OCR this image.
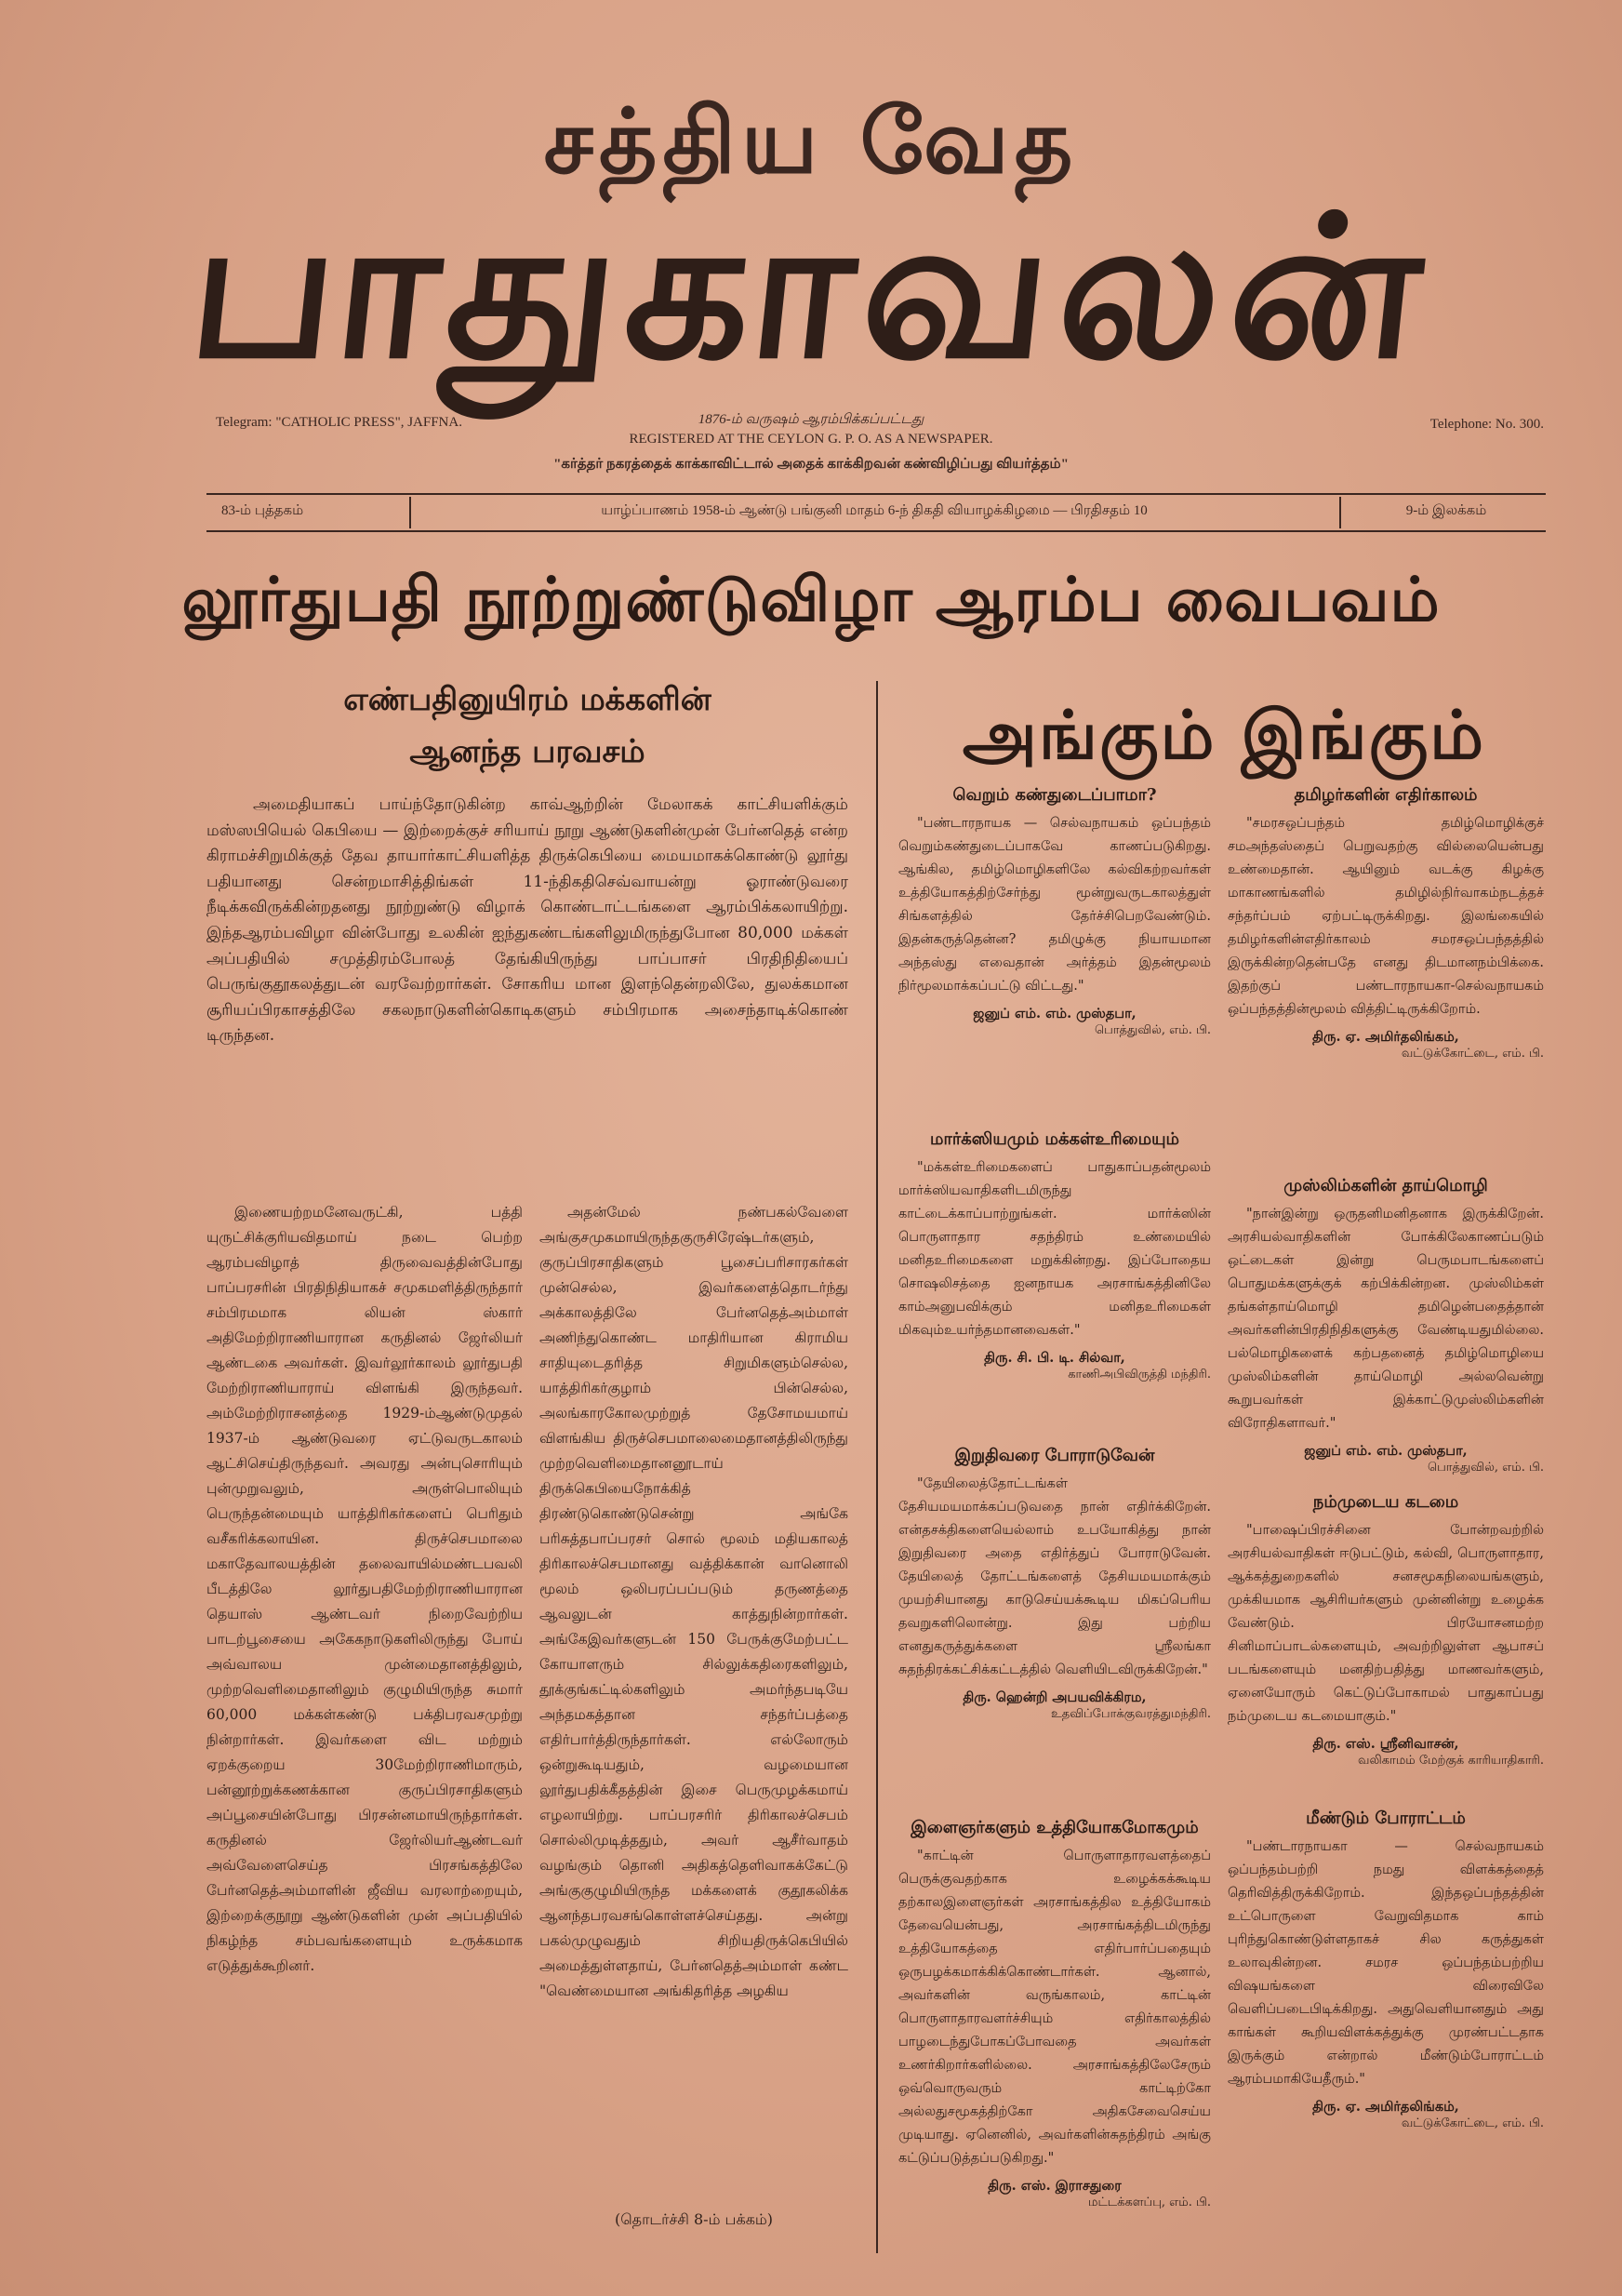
சத்திய வேத
பாதுகாவலன்
Telegram: "CATHOLIC PRESS", JAFFNA.	1876-ம் வருஷம் ஆரம்பிக்கப்பட்டது
REGISTERED AT THE CEYLON G. P. O. AS A NEWSPAPER.
Telephone: No. 300.
"கர்த்தர் நகரத்தைக் காக்காவிட்டால் அதைக் காக்கிறவன் கண்விழிப்பது வியர்த்தம்"
83-ம் புத்தகம்	யாழ்ப்பாணம் 1958-ம் ஆண்டு பங்குனி மாதம் 6-ந் திகதி வியாழக்கிழமை — பிரதிசதம் 10	9-ம் இலக்கம்
லூர்துபதி நூற்றுண்டுவிழா ஆரம்ப வைபவம்
எண்பதினுயிரம் மக்களின்
ஆனந்த பரவசம்
அமைதியாகப் பாய்ந்தோடுகின்ற காவ்ஆற்றின் மேலாகக் காட்சியளிக்கும் மஸ்ஸபியெல் கெபியை — இற்றைக்குச் சரியாய் நூறு ஆண்டுகளின்முன் பேர்னதெத் என்ற கிராமச்சிறுமிக்குத் தேவ தாயார்காட்சியளித்த திருக்கெபியை மையமாகக்கொண்டு லூர்து பதியானது சென்றமாசித்திங்கள் 11-ந்திகதிசெவ்வாயன்று ஓராண்டுவரை நீடிக்கவிருக்கின்றதனது நூற்றுண்டு விழாக் கொண்டாட்டங்களை ஆரம்பிக்கலாயிற்று. இந்தஆரம்பவிழா வின்போது உலகின் ஐந்துகண்டங்களிலுமிருந்துபோன 80,000 மக்கள் அப்பதியில் சமுத்திரம்போலத் தேங்கியிருந்து பாப்பாசர் பிரதிநிதியைப் பெருங்குதூகலத்துடன் வரவேற்றார்கள். சோகரிய மான இளந்தென்றலிலே, துலக்கமான சூரியப்பிரகாசத்திலே சகலநாடுகளின்கொடிகளும் சம்பிரமாக அசைந்தாடிக்கொண் டிருந்தன.
இணையற்றமனேவருட்கி, பத்தி யுருட்சிக்குரியவிதமாய் நடை பெற்ற ஆரம்பவிழாத் திருவைவத்தின்போது பாப்பரசரின் பிரதிநிதியாகச் சமுகமளித்திருந்தார் சம்பிரமமாக லியன் ஸ்கார் அதிமேற்றிராணியாரான கருதினல் ஜேர்லியர் ஆண்டகை அவர்கள். இவர்லூர்காலம் லூர்துபதி மேற்றிராணியாராய் விளங்கி இருந்தவர். அம்மேற்றிராசனத்தை 1929-ம்ஆண்டுமுதல் 1937-ம் ஆண்டுவரை ஏட்டுவருடகாலம் ஆட்சிசெய்திருந்தவர். அவரது அன்புசொரியும் புன்முறுவலும், அருள்பொலியும் பெருந்தன்மையும் யாத்திரிகர்களைப் பெரிதும் வசீகரிக்கலாயின. திருச்செபமாலை மகாதேவாலயத்தின் தலைவாயில்மண்டபவலி பீடத்திலே லூர்துபதிமேற்றிராணியாரான தெயாஸ் ஆண்டவர் நிறைவேற்றிய பாடற்பூசையை அகேகநாடுகளிலிருந்து போய் அவ்வாலய முன்மைதானத்திலும், முற்றவெளிமைதானிலும் குழுமியிருந்த சுமார் 60,000 மக்கள்கண்டு பக்திபரவசமுற்று நின்றார்கள். இவர்களை விட மற்றும் ஏறக்குறைய 30மேற்றிராணிமாரும், பன்னூற்றுக்கணக்கான குருப்பிரசாதிகளும் அப்பூசையின்போது பிரசன்னமாயிருந்தார்கள். கருதினல் ஜேர்லியர்ஆண்டவர் அவ்வேளைசெய்த பிரசங்கத்திலே பேர்னதெத்அம்மாளின் ஜீவிய வரலாற்றையும், இற்றைக்குநூறு ஆண்டுகளின் முன் அப்பதியில் நிகழ்ந்த சம்பவங்களையும் உருக்கமாக எடுத்துக்கூறினர்.
அதன்மேல் நண்பகல்வேளை அங்குசமுகமாயிருந்தகுருசிரேஷ்டர்களும், குருப்பிரசாதிகளும் பூசைப்பரிசாரகர்கள் முன்செல்ல, இவர்களைத்தொடர்ந்து அக்காலத்திலே பேர்னதெத்அம்மாள் அணிந்துகொண்ட மாதிரியான கிராமிய சாதியுடைதரித்த சிறுமிகளும்செல்ல, யாத்திரிகர்குழாம் பின்செல்ல, அலங்காரகோலமுற்றுத் தேசோமயமாய் விளங்கிய திருச்செபமாலைமைதானத்திலிருந்து முற்றவெளிமைதானனூடாய் திருக்கெபியைநோக்கித் திரண்டுகொண்டுசென்று அங்கே பரிசுத்தபாப்பரசர் சொல் மூலம் மதியகாலத் திரிகாலச்செபமானது வத்திக்கான் வானொலி மூலம் ஒலிபரப்பப்படும் தருணத்தை ஆவலுடன் காத்துநின்றார்கள். அங்கேஇவர்களுடன் 150 பேருக்குமேற்பட்ட கோயாளரும் சில்லுக்கதிரைகளிலும், தூக்குங்கட்டில்களிலும் அமர்ந்தபடியே அந்தமகத்தான சந்தர்ப்பத்தை எதிர்பார்த்திருந்தார்கள். எல்லோரும் ஒன்றுகூடியதும், வழமையான லூர்துபதிக்கீதத்தின் இசை பெருமுழக்கமாய் எழலாயிற்று. பாப்பரசரிர் திரிகாலச்செபம் சொல்லிமுடித்ததும், அவர் ஆசீர்வாதம் வழங்கும் தொனி அதிகத்தெளிவாகக்கேட்டு அங்குகுழுமியிருந்த மக்களைக் குதூகலிக்க ஆனந்தபரவசங்கொள்ளச்செய்தது. அன்று பகல்முழுவதும் சிறியதிருக்கெபியில் அமைத்துள்ளதாய், பேர்னதெத்அம்மாள் கண்ட "வெண்மையான அங்கிதரித்த அழகிய
(தொடர்ச்சி 8-ம் பக்கம்)
அங்கும் இங்கும்
வெறும் கண்துடைப்பாமா?
"பண்டாரநாயக — செல்வநாயகம் ஒப்பந்தம் வெறும்கண்துடைப்பாகவே காணப்படுகிறது. ஆங்கில, தமிழ்மொழிகளிலே கல்விகற்றவர்கள் உத்தியோகத்திற்சேர்ந்து மூன்றுவருடகாலத்துள் சிங்களத்தில் தேர்ச்சிபெறவேண்டும். இதன்கருத்தென்ன? தமிழுக்கு நியாயமான அந்தஸ்து எவைதான் அர்த்தம் இதன்மூலம் நிர்மூலமாக்கப்பட்டு விட்டது."
ஜனுப் எம். எம். முஸ்தபா,
பொத்துவில், எம். பி.
மார்க்ஸியமும் மக்கள்உரிமையும்
"மக்கள்உரிமைகளைப் பாதுகாப்பதன்மூலம் மார்க்ஸியவாதிகளிடமிருந்து காட்டைக்காப்பாற்றுங்கள். மார்க்ஸின் பொருளாதார சதந்திரம் உண்மையில் மனிதஉரிமைகளை மறுக்கின்றது. இப்போதைய சொஷலிசத்தை ஐனநாயக அரசாங்கத்தினிலே காம்அனுபவிக்கும் மனிதஉரிமைகள் மிகவும்உயர்ந்தமானவைகள்."
திரு. சி. பி. டி. சில்வா,
காணிஅபிவிருத்தி மந்திரி.
இறுதிவரை போராடுவேன்
"தேயிலைத்தோட்டங்கள் தேசியமயமாக்கப்படுவதை நான் எதிர்க்கிறேன். என்தசக்திகளையெல்லாம் உபயோகித்து நான் இறுதிவரை அதை எதிர்த்துப் போராடுவேன். தேயிலைத் தோட்டங்களைத் தேசியமயமாக்கும் முயற்சியானது காடுசெய்யக்கூடிய மிகப்பெரிய தவறுகளிலொன்று. இது பற்றிய எனதுகருத்துக்களை ஸ்ரீலங்கா சுதந்திரக்கட்சிக்கட்டத்தில் வெளியிடவிருக்கிறேன்."
திரு. ஹென்றி அபயவிக்கிரம,
உதவிப்போக்குவரத்துமந்திரி.
இளைஞர்களும் உத்தியோகமோகமும்
"காட்டின் பொருளாதாரவளத்தைப் பெருக்குவதற்காக உழைக்கக்கூடிய தற்காலஇளைஞர்கள் அரசாங்கத்தில உத்தியோகம் தேவையென்பது, அரசாங்கத்திடமிருந்து உத்தியோகத்தை எதிர்பார்ப்பதையும் ஒருபழக்கமாக்கிக்கொண்டார்கள். ஆனால், அவர்களின் வருங்காலம், காட்டின் பொருளாதாரவளர்ச்சியும் எதிர்காலத்தில் பாழடைந்துபோகப்போவதை அவர்கள் உணர்கிறார்களில்லை. அரசாங்கத்திலேசேரும் ஒவ்வொருவரும் காட்டிற்கோ அல்லதுசமூகத்திற்கோ அதிகசேவைசெய்ய முடியாது. ஏனெனில், அவர்களின்சுதந்திரம் அங்கு கட்டுப்படுத்தப்படுகிறது."
திரு. எஸ். இராசதுரை
மட்டக்களப்பு, எம். பி.
தமிழர்களின் எதிர்காலம்
"சமரசஒப்பந்தம் தமிழ்மொழிக்குச் சமஅந்தஸ்தைப் பெறுவதற்கு வில்லையென்பது உண்மைதான். ஆயினும் வடக்கு கிழக்கு மாகாணங்களில் தமிழில்நிர்வாகம்நடத்தச் சந்தர்ப்பம் ஏற்பட்டிருக்கிறது. இலங்கையில் தமிழர்களின்எதிர்காலம் சமரசஒப்பந்தத்தில் இருக்கின்றதென்பதே எனது திடமானநம்பிக்கை. இதற்குப் பண்டாரநாயகா-செல்வநாயகம் ஒப்பந்தத்தின்மூலம் வித்திட்டிருக்கிறோம்.
திரு. ஏ. அமிர்தலிங்கம்,
வட்டுக்கோட்டை, எம். பி.
முஸ்லிம்களின் தாய்மொழி
"நான்இன்று ஒருதனிமனிதனாக இருக்கிறேன். அரசியல்வாதிகளின் போக்கிலேகாணப்படும் ஒட்டைகள் இன்று பெருமபாடங்களைப் பொதுமக்களுக்குக் கற்பிக்கின்றன. முஸ்லிம்கள் தங்கள்தாய்மொழி தமிழென்பதைத்தான் அவர்களின்பிரதிநிதிகளுக்கு வேண்டியதுமில்லை. பல்மொழிகளைக் கற்பதனைத் தமிழ்மொழியை முஸ்லிம்களின் தாய்மொழி அல்லவென்று கூறுபவர்கள் இக்காட்டுமுஸ்லிம்களின் விரோதிகளாவர்."
ஜனுப் எம். எம். முஸ்தபா,
பொத்துவில், எம். பி.
நம்முடைய கடமை
"பாஷைப்பிரச்சினை போன்றவற்றில் அரசியல்வாதிகள் ஈடுபட்டும், கல்வி, பொருளாதார, ஆக்கத்துறைகளில் சனசமூகநிலையங்களும், முக்கியமாக ஆசிரியர்களும் முன்னின்று உழைக்க வேண்டும். பிரயோசனமற்ற சினிமாப்பாடல்களையும், அவற்றிலுள்ள ஆபாசப் படங்களையும் மனதிற்பதித்து மாணவர்களும், ஏனையோரும் கெட்டுப்போகாமல் பாதுகாப்பது நம்முடைய கடமையாகும்."
திரு. எஸ். ஸ்ரீனிவாசன்,
வலிகாமம் மேற்குக் காரியாதிகாரி.
மீண்டும் போராட்டம்
"பண்டாரநாயகா — செல்வநாயகம் ஒப்பந்தம்பற்றி நமது விளக்கத்தைத் தெரிவித்திருக்கிறோம். இந்தஒப்பந்தத்தின் உட்பொருளை வேறுவிதமாக காம் புரிந்துகொண்டுள்ளதாகச் சில கருத்துகள் உலாவுகின்றன. சமரச ஒப்பந்தம்பற்றிய விஷயங்களை விரைவிலே வெளிப்படைபிடிக்கிறது. அதுவெளியானதும் அது காங்கள் கூறியவிளக்கத்துக்கு முரண்பட்டதாக இருக்கும் என்றால் மீண்டும்போராட்டம் ஆரம்பமாகியேதீரும்."
திரு. ஏ. அமிர்தலிங்கம்,
வட்டுக்கோட்டை, எம். பி.
